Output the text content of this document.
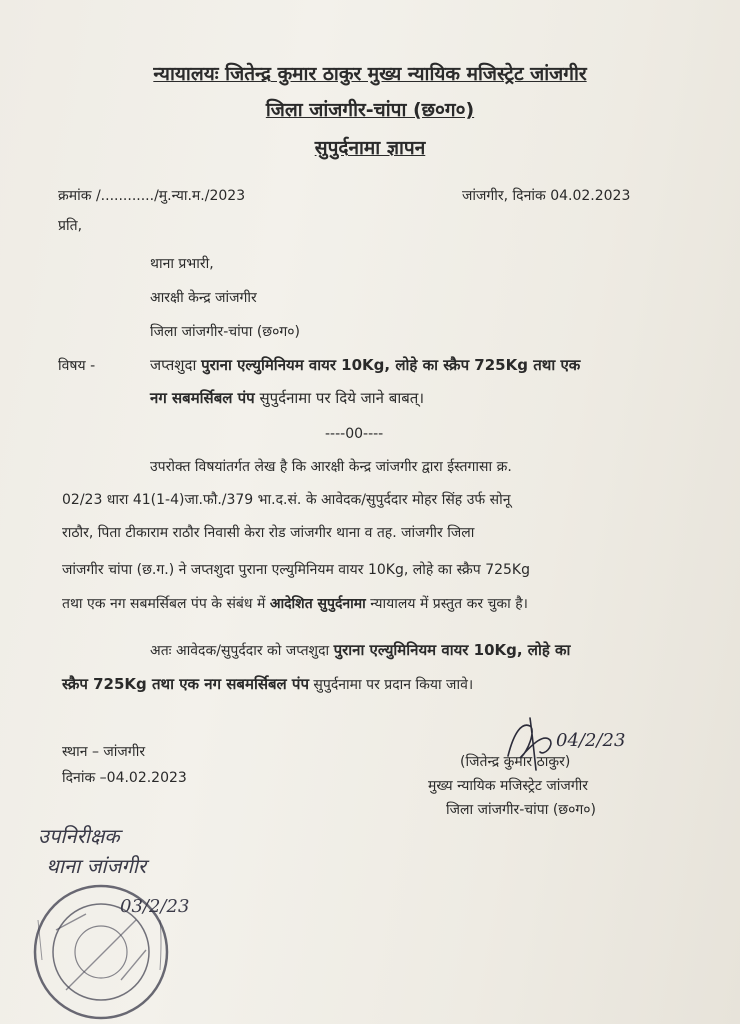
न्यायालयः जितेन्द्र कुमार ठाकुर मुख्य न्यायिक मजिस्ट्रेट जांजगीर
जिला जांजगीर-चांपा (छ०ग०)
सुपुर्दनामा ज्ञापन
क्रमांक /............/मु.न्या.म./2023	जांजगीर, दिनांक 04.02.2023
प्रति,
थाना प्रभारी,
आरक्षी केन्द्र जांजगीर
जिला जांजगीर-चांपा (छ०ग०)
विषय -	जप्तशुदा पुराना एल्युमिनियम वायर 10Kg, लोहे का स्क्रैप 725Kg तथा एक
नग सबमर्सिबल पंप सुपुर्दनामा पर दिये जाने बाबत्।
----00----
उपरोक्त विषयांतर्गत लेख है कि आरक्षी केन्द्र जांजगीर द्वारा ईस्तगासा क्र.
02/23 धारा 41(1-4)जा.फौ./379 भा.द.सं. के आवेदक/सुपुर्ददार मोहर सिंह उर्फ सोनू
राठौर, पिता टीकाराम राठौर निवासी केरा रोड जांजगीर थाना व तह. जांजगीर जिला
जांजगीर चांपा (छ.ग.) ने जप्तशुदा पुराना एल्युमिनियम वायर 10Kg, लोहे का स्क्रैप 725Kg
तथा एक नग सबमर्सिबल पंप के संबंध में आदेशित सुपुर्दनामा न्यायालय में प्रस्तुत कर चुका है।
अतः आवेदक/सुपुर्ददार को जप्तशुदा पुराना एल्युमिनियम वायर 10Kg, लोहे का
स्क्रैप 725Kg तथा एक नग सबमर्सिबल पंप सुपुर्दनामा पर प्रदान किया जावे।
स्थान – जांजगीर
दिनांक –04.02.2023
(जितेन्द्र कुमार ठाकुर)
मुख्य न्यायिक मजिस्ट्रेट जांजगीर
जिला जांजगीर-चांपा (छ०ग०)
04/2/23
उपनिरीक्षक
थाना जांजगीर
03/2/23
